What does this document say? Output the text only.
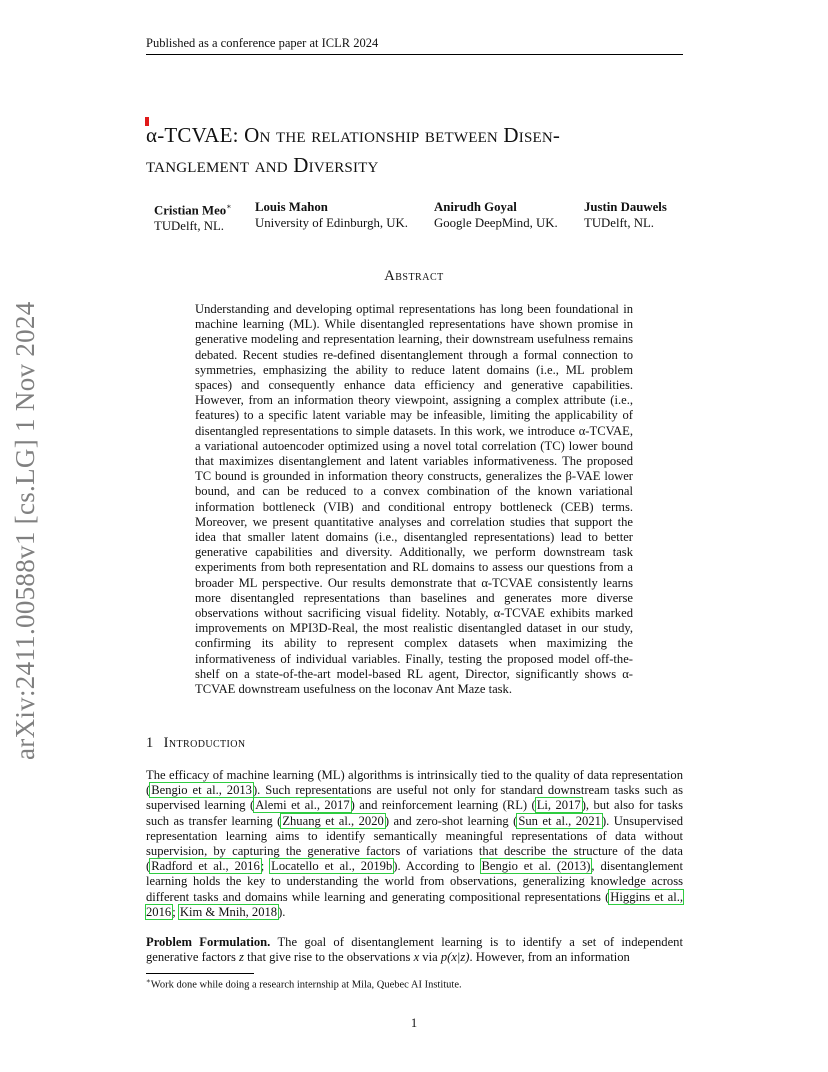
Published as a conference paper at ICLR 2024
arXiv:2411.00588v1 [cs.LG] 1 Nov 2024
α-TCVAE: On the relationship between Disen-
tanglement and Diversity
Cristian Meo∗
TUDelft, NL.
Louis Mahon
University of Edinburgh, UK.
Anirudh Goyal
Google DeepMind, UK.
Justin Dauwels
TUDelft, NL.
Abstract

Understanding and developing optimal representations has long been foundational in machine learning (ML). While disentangled representations have shown promise in generative modeling and representation learning, their downstream usefulness remains debated. Recent studies re-defined disentanglement through a formal connection to symmetries, emphasizing the ability to reduce latent domains (i.e., ML problem spaces) and consequently enhance data efficiency and generative capabilities. However, from an information theory viewpoint, assigning a complex attribute (i.e., features) to a specific latent variable may be infeasible, limiting the applicability of disentangled representations to simple datasets. In this work, we introduce α-TCVAE, a variational autoencoder optimized using a novel total correlation (TC) lower bound that maximizes disentanglement and latent variables informativeness. The proposed TC bound is grounded in information theory constructs, generalizes the β-VAE lower bound, and can be reduced to a convex combination of the known variational information bottleneck (VIB) and conditional entropy bottleneck (CEB) terms. Moreover, we present quantitative analyses and correlation studies that support the idea that smaller latent domains (i.e., disentangled representations) lead to better generative capabilities and diversity. Additionally, we perform downstream task experiments from both representation and RL domains to assess our questions from a broader ML perspective. Our results demonstrate that α-TCVAE consistently learns more disentangled representations than baselines and generates more diverse observations without sacrificing visual fidelity. Notably, α-TCVAE exhibits marked improvements on MPI3D-Real, the most realistic disentangled dataset in our study, confirming its ability to represent complex datasets when maximizing the informativeness of individual variables. Finally, testing the proposed model off-the-shelf on a state-of-the-art model-based RL agent, Director, significantly shows α-TCVAE downstream usefulness on the loconav Ant Maze task.

1 Introduction

The efficacy of machine learning (ML) algorithms is intrinsically tied to the quality of data representation (Bengio et al., 2013). Such representations are useful not only for standard downstream tasks such as supervised learning (Alemi et al., 2017) and reinforcement learning (RL) (Li, 2017), but also for tasks such as transfer learning (Zhuang et al., 2020) and zero-shot learning (Sun et al., 2021). Unsupervised representation learning aims to identify semantically meaningful representations of data without supervision, by capturing the generative factors of variations that describe the structure of the data (Radford et al., 2016; Locatello et al., 2019b). According to Bengio et al. (2013), disentanglement learning holds the key to understanding the world from observations, generalizing knowledge across different tasks and domains while learning and generating compositional representations (Higgins et al., 2016; Kim & Mnih, 2018).

Problem Formulation. The goal of disentanglement learning is to identify a set of independent generative factors z that give rise to the observations x via p(x|z). However, from an information

∗Work done while doing a research internship at Mila, Quebec AI Institute.
1
